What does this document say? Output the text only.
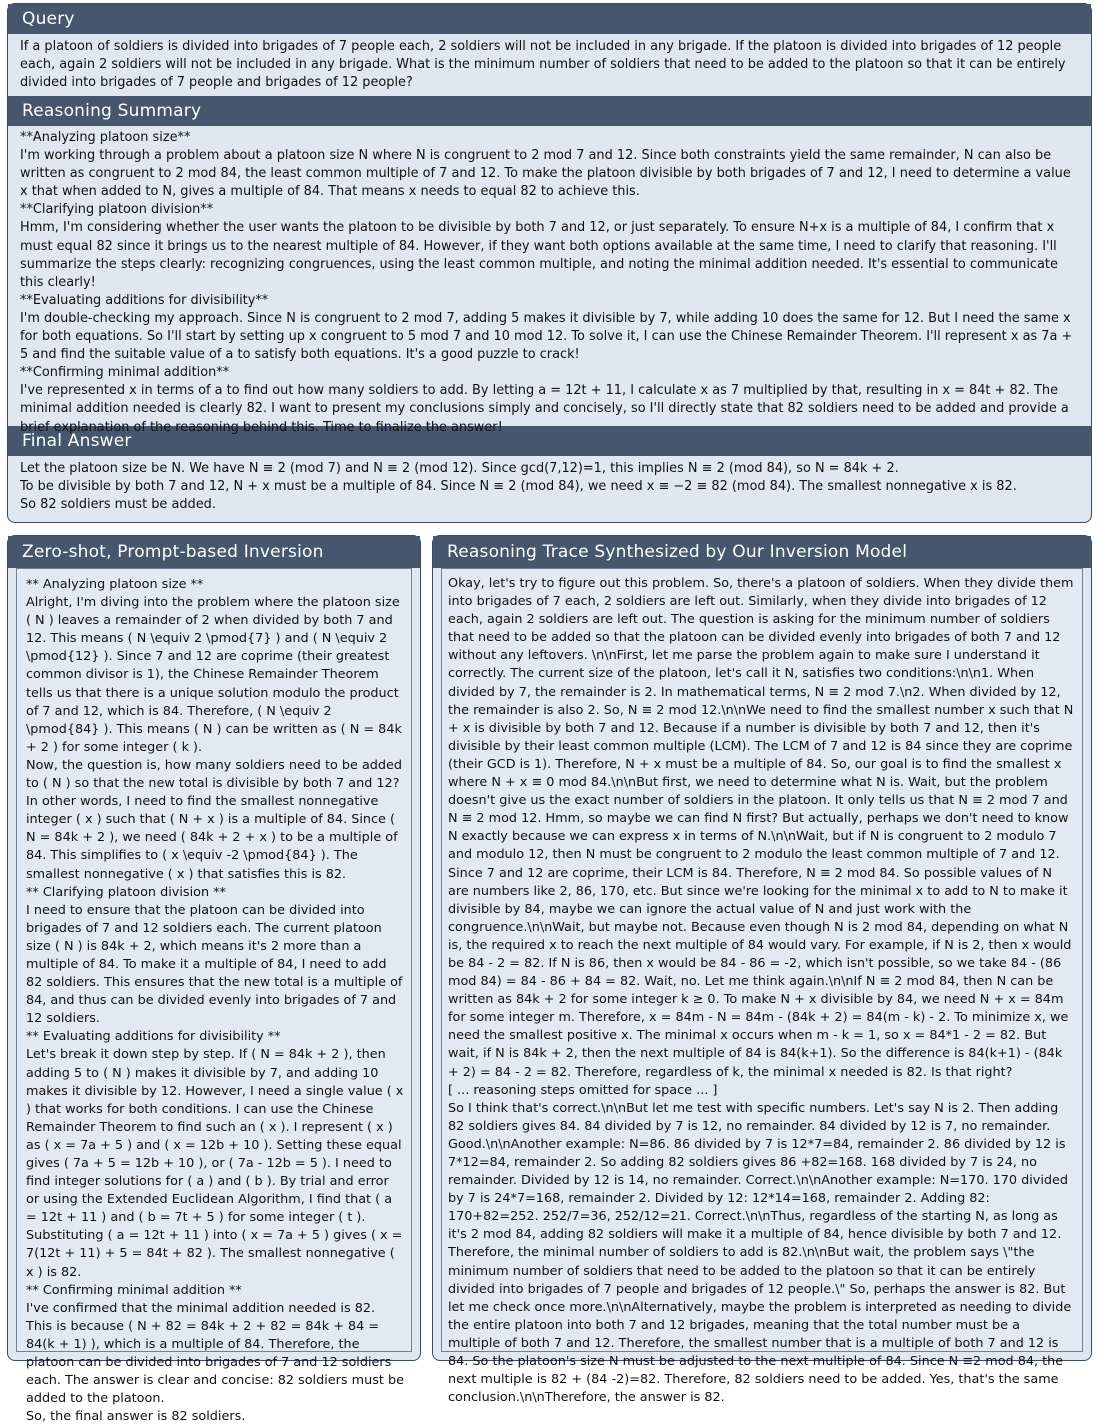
Query
If a platoon of soldiers is divided into brigades of 7 people each, 2 soldiers will not be included in any brigade. If the platoon is divided into brigades of 12 people each, again 2 soldiers will not be included in any brigade. What is the minimum number of soldiers that need to be added to the platoon so that it can be entirely divided into brigades of 7 people and brigades of 12 people?
Reasoning Summary
**Analyzing platoon size**
I'm working through a problem about a platoon size N where N is congruent to 2 mod 7 and 12. Since both constraints yield the same remainder, N can also be written as congruent to 2 mod 84, the least common multiple of 7 and 12. To make the platoon divisible by both brigades of 7 and 12, I need to determine a value x that when added to N, gives a multiple of 84. That means x needs to equal 82 to achieve this.
**Clarifying platoon division**
Hmm, I'm considering whether the user wants the platoon to be divisible by both 7 and 12, or just separately. To ensure N+x is a multiple of 84, I confirm that x must equal 82 since it brings us to the nearest multiple of 84. However, if they want both options available at the same time, I need to clarify that reasoning. I'll summarize the steps clearly: recognizing congruences, using the least common multiple, and noting the minimal addition needed. It's essential to communicate this clearly!
**Evaluating additions for divisibility**
I'm double-checking my approach. Since N is congruent to 2 mod 7, adding 5 makes it divisible by 7, while adding 10 does the same for 12. But I need the same x for both equations. So I'll start by setting up x congruent to 5 mod 7 and 10 mod 12. To solve it, I can use the Chinese Remainder Theorem. I'll represent x as 7a + 5 and find the suitable value of a to satisfy both equations. It's a good puzzle to crack!
**Confirming minimal addition**
I've represented x in terms of a to find out how many soldiers to add. By letting a = 12t + 11, I calculate x as 7 multiplied by that, resulting in x = 84t + 82. The minimal addition needed is clearly 82. I want to present my conclusions simply and concisely, so I'll directly state that 82 soldiers need to be added and provide a of the reasoning behind this. Time to finalize the answer!
Final Answer
Let the platoon size be N. We have N ≡ 2 (mod 7) and N ≡ 2 (mod 12). Since gcd(7,12)=1, this implies N ≡ 2 (mod 84), so N = 84k + 2.
To be divisible by both 7 and 12, N + x must be a multiple of 84. Since N ≡ 2 (mod 84), we need x ≡ −2 ≡ 82 (mod 84). The smallest nonnegative x is 82.
So 82 soldiers must be added.
Zero-shot, Prompt-based Inversion
** Analyzing platoon size **
Alright, I'm diving into the problem where the platoon size ( N ) leaves a remainder of 2 when divided by both 7 and 12. This means ( N \equiv 2 \pmod{7} ) and ( N \equiv 2 \pmod{12} ). Since 7 and 12 are coprime (their greatest common divisor is 1), the Chinese Remainder Theorem tells us that there is a unique solution modulo the product of 7 and 12, which is 84. Therefore, ( N \equiv 2 \pmod{84} ). This means ( N ) can be written as ( N = 84k + 2 ) for some integer ( k ).
Now, the question is, how many soldiers need to be added to ( N ) so that the new total is divisible by both 7 and 12? In other words, I need to find the smallest nonnegative integer ( x ) such that ( N + x ) is a multiple of 84. Since ( N = 84k + 2 ), we need ( 84k + 2 + x ) to be a multiple of 84. This simplifies to ( x \equiv -2 \pmod{84} ). The smallest nonnegative ( x ) that satisfies this is 82.
** Clarifying platoon division **
I need to ensure that the platoon can be divided into brigades of 7 and 12 soldiers each. The current platoon size ( N ) is 84k + 2, which means it's 2 more than a multiple of 84. To make it a multiple of 84, I need to add 82 soldiers. This ensures that the new total is a multiple of 84, and thus can be divided evenly into brigades of 7 and 12 soldiers.
** Evaluating additions for divisibility **
Let's break it down step by step. If ( N = 84k + 2 ), then adding 5 to ( N ) makes it divisible by 7, and adding 10 makes it divisible by 12. However, I need a single value ( x ) that works for both conditions. I can use the Chinese Remainder Theorem to find such an ( x ). I represent ( x ) as ( x = 7a + 5 ) and ( x = 12b + 10 ). Setting these equal gives ( 7a + 5 = 12b + 10 ), or ( 7a - 12b = 5 ). I need to find integer solutions for ( a ) and ( b ). By trial and error or using the Extended Euclidean Algorithm, I find that ( a = 12t + 11 ) and ( b = 7t + 5 ) for some integer ( t ). Substituting ( a = 12t + 11 ) into ( x = 7a + 5 ) gives ( x = 7(12t + 11) + 5 = 84t + 82 ). The smallest nonnegative ( x ) is 82.
** Confirming minimal addition **
I've confirmed that the minimal addition needed is 82. This is because ( N + 82 = 84k + 2 + 82 = 84k + 84 = 84(k + 1) ), which is a multiple of 84. Therefore, the platoon can be divided into brigades of 7 and 12 soldiers each. The answer is clear and concise: 82 soldiers must be added to the platoon.
So, the final answer is 82 soldiers.
Reasoning Trace Synthesized by Our Inversion Model
Okay, let's try to figure out this problem. So, there's a platoon of soldiers. When they divide them into brigades of 7 each, 2 soldiers are left out. Similarly, when they divide into brigades of 12 each, again 2 soldiers are left out. The question is asking for the minimum number of soldiers that need to be added so that the platoon can be divided evenly into brigades of both 7 and 12 without any leftovers. \n\nFirst, let me parse the problem again to make sure I understand it correctly. The current size of the platoon, let's call it N, satisfies two conditions:\n\n1. When divided by 7, the remainder is 2. In mathematical terms, N ≡ 2 mod 7.\n2. When divided by 12, the remainder is also 2. So, N ≡ 2 mod 12.\n\nWe need to find the smallest number x such that N + x is divisible by both 7 and 12. Because if a number is divisible by both 7 and 12, then it's divisible by their least common multiple (LCM). The LCM of 7 and 12 is 84 since they are coprime (their GCD is 1). Therefore, N + x must be a multiple of 84. So, our goal is to find the smallest x where N + x ≡ 0 mod 84.\n\nBut first, we need to determine what N is. Wait, but the problem doesn't give us the exact number of soldiers in the platoon. It only tells us that N ≡ 2 mod 7 and N ≡ 2 mod 12. Hmm, so maybe we can find N first? But actually, perhaps we don't need to know N exactly because we can express x in terms of N.\n\nWait, but if N is congruent to 2 modulo 7 and modulo 12, then N must be congruent to 2 modulo the least common multiple of 7 and 12. Since 7 and 12 are coprime, their LCM is 84. Therefore, N ≡ 2 mod 84. So possible values of N are numbers like 2, 86, 170, etc. But since we're looking for the minimal x to add to N to make it divisible by 84, maybe we can ignore the actual value of N and just work with the congruence.\n\nWait, but maybe not. Because even though N is 2 mod 84, depending on what N is, the required x to reach the next multiple of 84 would vary. For example, if N is 2, then x would be 84 - 2 = 82. If N is 86, then x would be 84 - 86 = -2, which isn't possible, so we take 84 - (86 mod 84) = 84 - 86 + 84 = 82. Wait, no. Let me think again.\n\nIf N ≡ 2 mod 84, then N can be written as 84k + 2 for some integer k ≥ 0. To make N + x divisible by 84, we need N + x = 84m for some integer m. Therefore, x = 84m - N = 84m - (84k + 2) = 84(m - k) - 2. To minimize x, we need the smallest positive x. The minimal x occurs when m - k = 1, so x = 84*1 - 2 = 82. But wait, if N is 84k + 2, then the next multiple of 84 is 84(k+1). So the difference is 84(k+1) - (84k + 2) = 84 - 2 = 82. Therefore, regardless of k, the minimal x needed is 82. Is that right?
[ ... reasoning steps omitted for space ... ]
So I think that's correct.\n\nBut let me test with specific numbers. Let's say N is 2. Then adding 82 soldiers gives 84. 84 divided by 7 is 12, no remainder. 84 divided by 12 is 7, no remainder. Good.\n\nAnother example: N=86. 86 divided by 7 is 12*7=84, remainder 2. 86 divided by 12 is 7*12=84, remainder 2. So adding 82 soldiers gives 86 +82=168. 168 divided by 7 is 24, no remainder. Divided by 12 is 14, no remainder. Correct.\n\nAnother example: N=170. 170 divided by 7 is 24*7=168, remainder 2. Divided by 12: 12*14=168, remainder 2. Adding 82: 170+82=252. 252/7=36, 252/12=21. Correct.\n\nThus, regardless of the starting N, as long as it's 2 mod 84, adding 82 soldiers will make it a multiple of 84, hence divisible by both 7 and 12. Therefore, the minimal number of soldiers to add is 82.\n\nBut wait, the problem says \"the minimum number of soldiers that need to be added to the platoon so that it can be entirely divided into brigades of 7 people and brigades of 12 people.\" So, perhaps the answer is 82. But let me check once more.\n\nAlternatively, maybe the problem is interpreted as needing to divide the entire platoon into both 7 and 12 brigades, meaning that the total number must be a multiple of both 7 and 12. Therefore, the smallest number that is a multiple of both 7 and 12 is 84. So the platoon's size N must be adjusted to the next multiple of 84. Since N ≡2 mod 84, the next multiple is 82 + (84 -2)=82. Therefore, 82 soldiers need to be added. Yes, that's the same conclusion.\n\nTherefore, the answer is 82.
